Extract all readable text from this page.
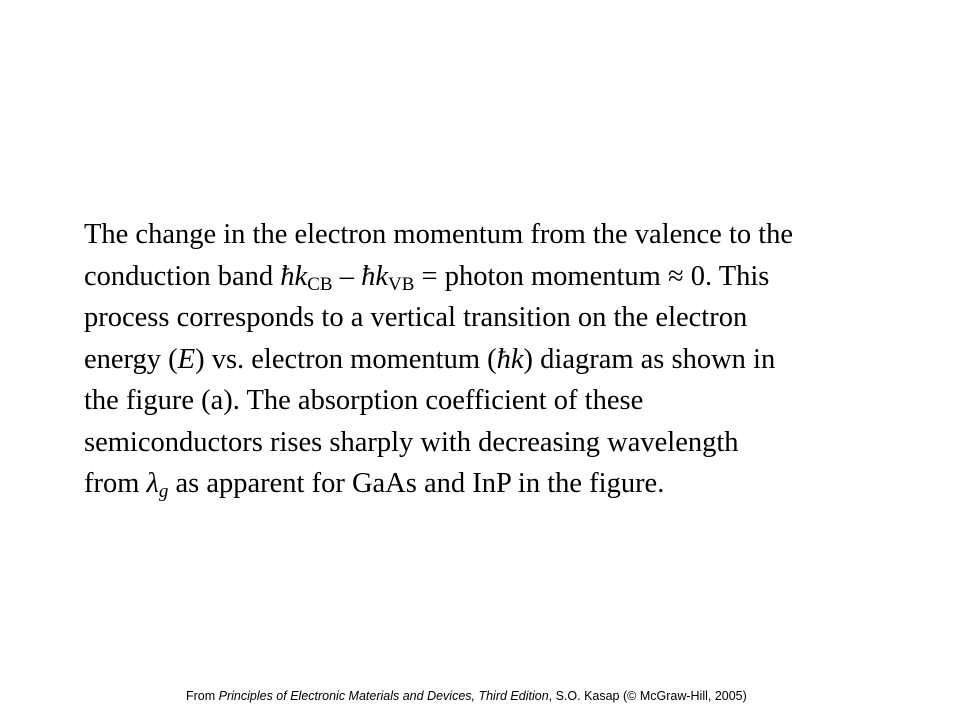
The change in the electron momentum from the valence to the
conduction band $ħk_{CB}$ – $ħk_{VB}$ = photon momentum ≈ 0. This
process corresponds to a vertical transition on the electron
energy (E) vs. electron momentum (ħk) diagram as shown in
the figure (a). The absorption coefficient of these
semiconductors rises sharply with decreasing wavelength
from $\lambda_g$ as apparent for GaAs and InP in the figure.
From Principles of Electronic Materials and Devices, Third Edition, S.O. Kasap (© McGraw-Hill, 2005)
